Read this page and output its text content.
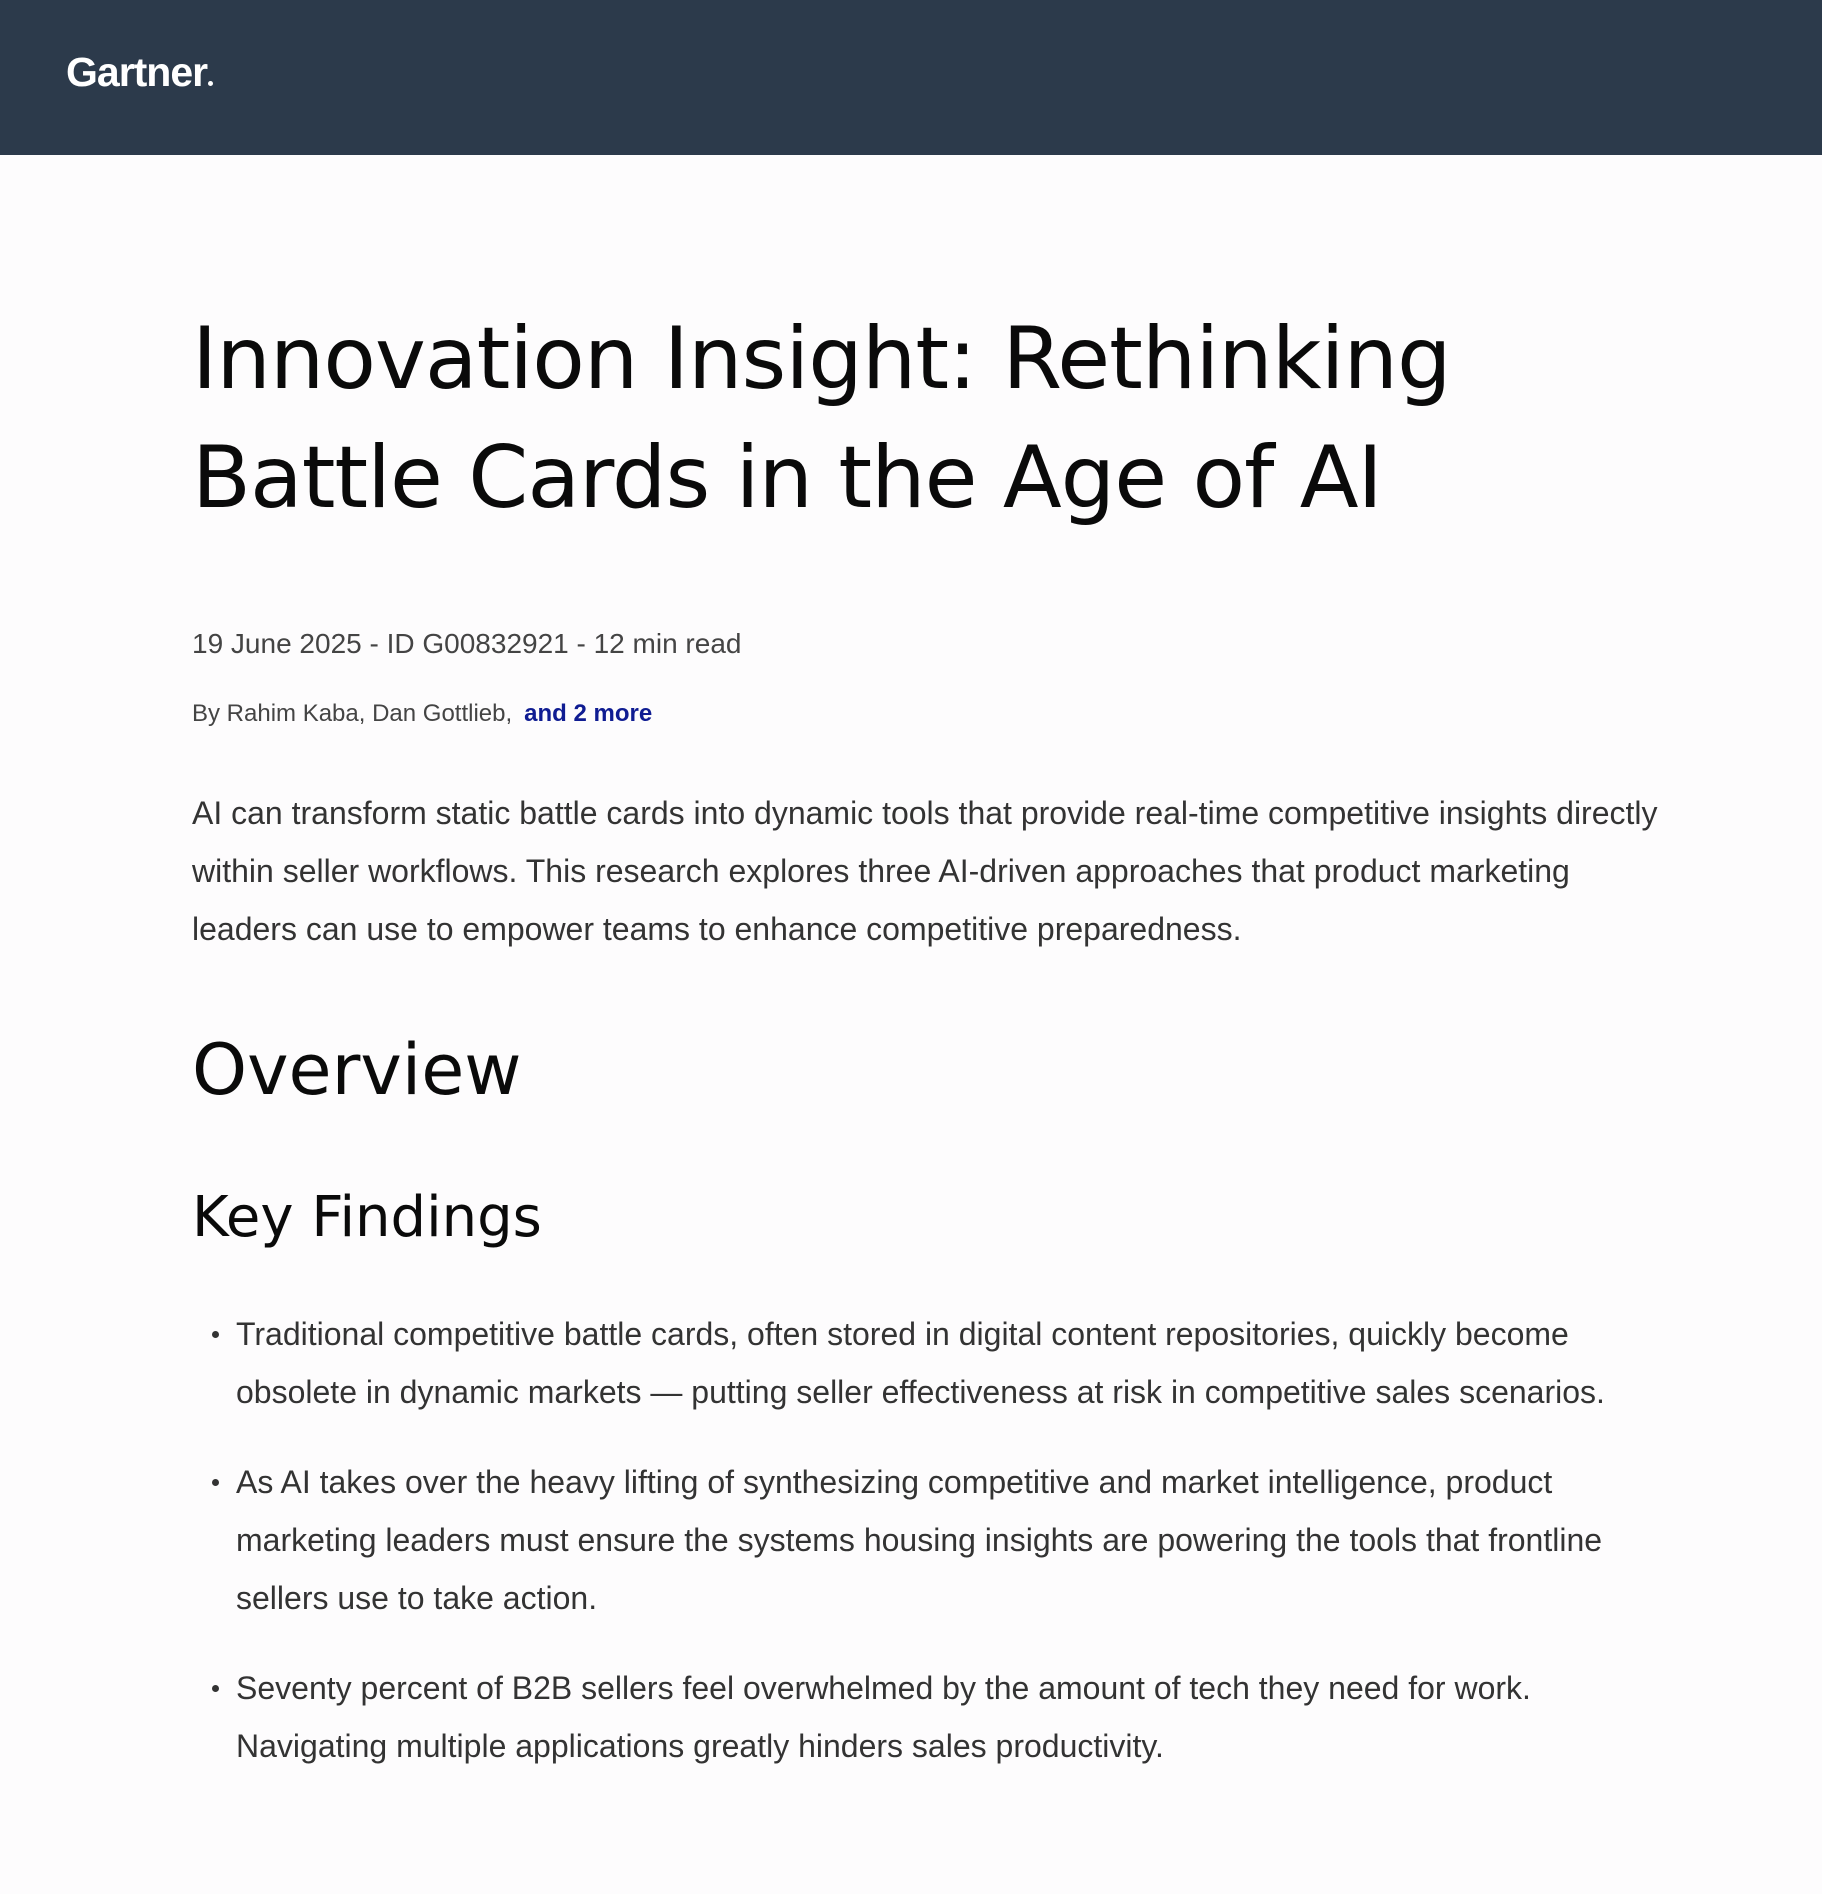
Gartner
Innovation Insight: Rethinking Battle Cards in the Age of AI
19 June 2025 - ID G00832921 - 12 min read
By Rahim Kaba, Dan Gottlieb, and 2 more

AI can transform static battle cards into dynamic tools that provide real-time competitive insights directly within seller workflows. This research explores three AI-driven approaches that product marketing leaders can use to empower teams to enhance competitive preparedness.

Overview
Key Findings
Traditional competitive battle cards, often stored in digital content repositories, quickly become obsolete in dynamic markets — putting seller effectiveness at risk in competitive sales scenarios.
As AI takes over the heavy lifting of synthesizing competitive and market intelligence, product marketing leaders must ensure the systems housing insights are powering the tools that frontline sellers use to take action.
Seventy percent of B2B sellers feel overwhelmed by the amount of tech they need for work. Navigating multiple applications greatly hinders sales productivity.
